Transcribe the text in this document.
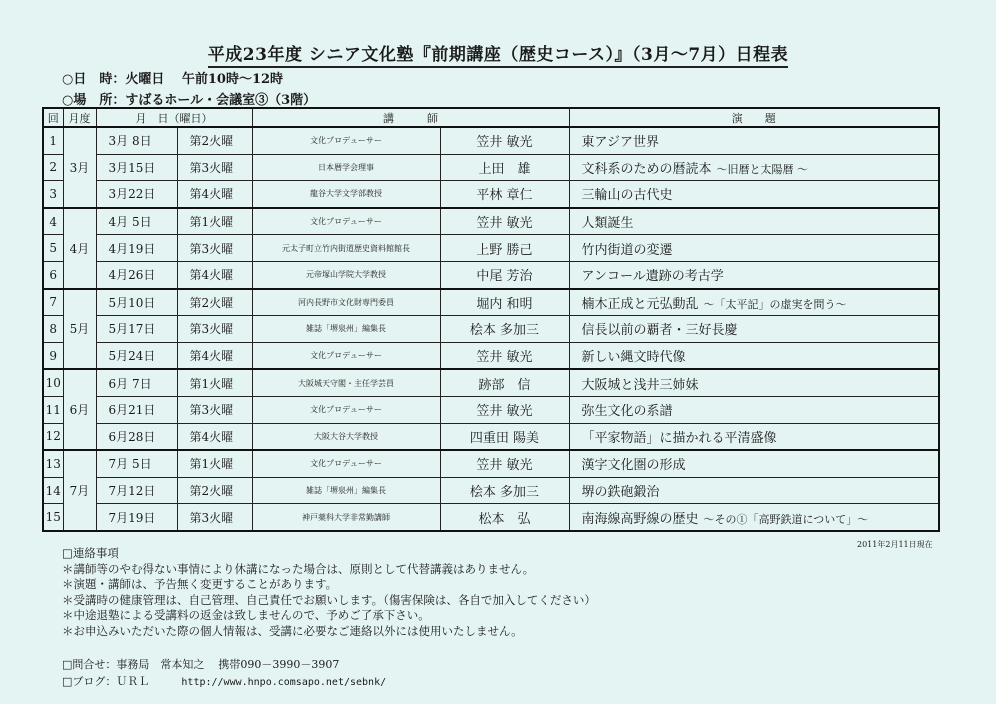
平成23年度 シニア文化塾『前期講座（歴史コース）』（3月～7月）日程表
○日　時：火曜日　 午前10時～12時
○場　所：すばるホール・会議室③（3階）
回	月度	月　日（曜日）		講　　　師		演　　題
1	3月	3月 8日	第2火曜	文化プロデューサー	笠井 敏光	東アジア世界
2		3月15日	第3火曜	日本暦学会理事	上田　雄	文科系のための暦読本 ～旧暦と太陽暦 ～
3		3月22日	第4火曜	龍谷大学文学部教授	平林 章仁	三輪山の古代史
4	4月	4月 5日	第1火曜	文化プロデューサー	笠井 敏光	人類誕生
5		4月19日	第3火曜	元太子町立竹内街道歴史資料館館長	上野 勝己	竹内街道の変遷
6		4月26日	第4火曜	元帝塚山学院大学教授	中尾 芳治	アンコール遺跡の考古学
7	5月	5月10日	第2火曜	河内長野市文化財専門委員	堀内 和明	楠木正成と元弘動乱 ～「太平記」の虚実を問う～
8		5月17日	第3火曜	雑誌「堺泉州」編集長	桧本 多加三	信長以前の覇者・三好長慶
9		5月24日	第4火曜	文化プロデューサー	笠井 敏光	新しい縄文時代像
10	6月	6月 7日	第1火曜	大阪城天守閣・主任学芸員	跡部　信	大阪城と浅井三姉妹
11		6月21日	第3火曜	文化プロデューサー	笠井 敏光	弥生文化の系譜
12		6月28日	第4火曜	大阪大谷大学教授	四重田 陽美	「平家物語」に描かれる平清盛像
13	7月	7月 5日	第1火曜	文化プロデューサー	笠井 敏光	漢字文化圏の形成
14		7月12日	第2火曜	雑誌「堺泉州」編集長	桧本 多加三	堺の鉄砲鍛治
15		7月19日	第3火曜	神戸薬科大学非常勤講師	松本　弘	南海線高野線の歴史 ～その①「高野鉄道について」～
2011年2月11日現在
□連絡事項
＊講師等のやむ得ない事情により休講になった場合は、原則として代替講義はありません。
＊演題・講師は、予告無く変更することがあります。
＊受講時の健康管理は、自己管理、自己責任でお願いします。（傷害保険は、各自で加入してください）
＊中途退塾による受講料の返金は致しませんので、予めご了承下さい。
＊お申込みいただいた際の個人情報は、受講に必要なご連絡以外には使用いたしません。
□問合せ：事務局　常本知之 携帯090－3990－3907
□ブログ：ＵＲＬ	http://www.hnpo.comsapo.net/sebnk/
